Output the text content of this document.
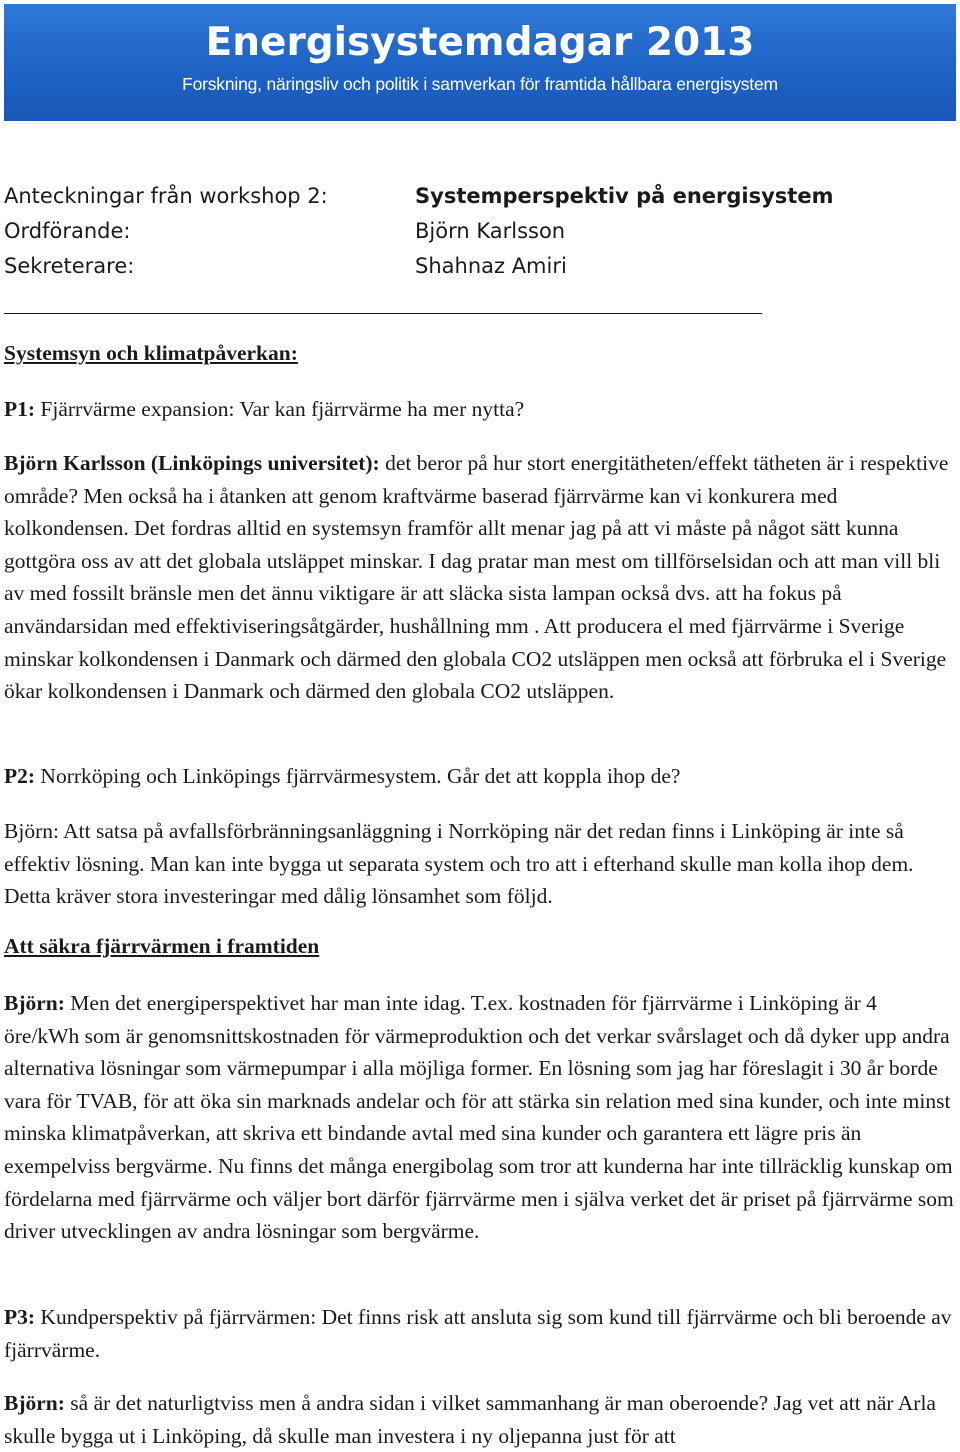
Energisystemdagar 2013
Forskning, näringsliv och politik i samverkan för framtida hållbara energisystem
Anteckningar från workshop 2:	Systemperspektiv på energisystem
Ordförande:	Björn Karlsson
Sekreterare:	Shahnaz Amiri
Systemsyn och klimatpåverkan:

P1: Fjärrvärme expansion: Var kan fjärrvärme ha mer nytta?

Björn Karlsson (Linköpings universitet): det beror på hur stort energitätheten/effekt tätheten är i respektive område? Men också ha i åtanken att genom kraftvärme baserad fjärrvärme kan vi konkurera med kolkondensen. Det fordras alltid en systemsyn framför allt menar jag på att vi måste på något sätt kunna gottgöra oss av att det globala utsläppet minskar. I dag pratar man mest om tillförselsidan och att man vill bli av med fossilt bränsle men det ännu viktigare är att släcka sista lampan också dvs. att ha fokus på användarsidan med effektiviseringsåtgärder, hushållning mm . Att producera el med fjärrvärme i Sverige minskar kolkondensen i Danmark och därmed den globala CO2 utsläppen men också att förbruka el i Sverige ökar kolkondensen i Danmark och därmed den globala CO2 utsläppen.

P2: Norrköping och Linköpings fjärrvärmesystem. Går det att koppla ihop de?

Björn: Att satsa på avfallsförbränningsanläggning i Norrköping när det redan finns i Linköping är inte så effektiv lösning. Man kan inte bygga ut separata system och tro att i efterhand skulle man kolla ihop dem. Detta kräver stora investeringar med dålig lönsamhet som följd.

Att säkra fjärrvärmen i framtiden

Björn: Men det energiperspektivet har man inte idag. T.ex. kostnaden för fjärrvärme i Linköping är 4 öre/kWh som är genomsnittskostnaden för värmeproduktion och det verkar svårslaget och då dyker upp andra alternativa lösningar som värmepumpar i alla möjliga former. En lösning som jag har föreslagit i 30 år borde vara för TVAB, för att öka sin marknads andelar och för att stärka sin relation med sina kunder, och inte minst minska klimatpåverkan, att skriva ett bindande avtal med sina kunder och garantera ett lägre pris än exempelviss bergvärme. Nu finns det många energibolag som tror att kunderna har inte tillräcklig kunskap om fördelarna med fjärrvärme och väljer bort därför fjärrvärme men i själva verket det är priset på fjärrvärme som driver utvecklingen av andra lösningar som bergvärme.

P3: Kundperspektiv på fjärrvärmen: Det finns risk att ansluta sig som kund till fjärrvärme och bli beroende av fjärrvärme.

Björn: så är det naturligtviss men å andra sidan i vilket sammanhang är man oberoende? Jag vet att när Arla skulle bygga ut i Linköping, då skulle man investera i ny oljepanna just för att
